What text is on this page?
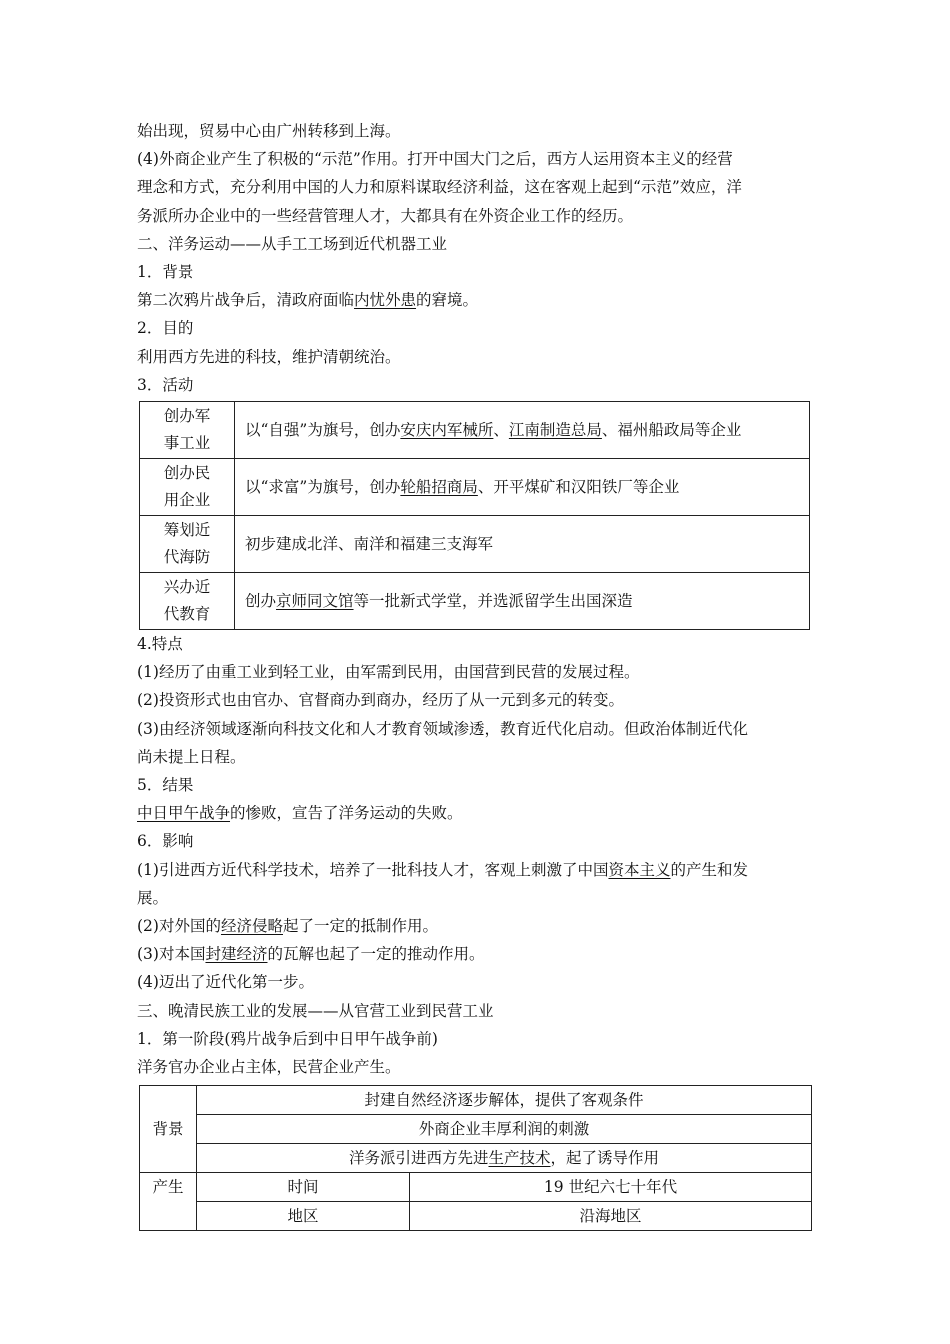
始出现，贸易中心由广州转移到上海。

(4)外商企业产生了积极的“示范”作用。打开中国大门之后，西方人运用资本主义的经营

理念和方式，充分利用中国的人力和原料谋取经济利益，这在客观上起到“示范”效应，洋

务派所办企业中的一些经营管理人才，大都具有在外资企业工作的经历。

二、洋务运动——从手工工场到近代机器工业

1．背景

第二次鸦片战争后，清政府面临内忧外患的窘境。

2．目的

利用西方先进的科技，维护清朝统治。

3．活动

创办军
事工业	以“自强”为旗号，创办安庆内军械所、江南制造总局、福州船政局等企业
创办民
用企业	以“求富”为旗号，创办轮船招商局、开平煤矿和汉阳铁厂等企业
筹划近
代海防	初步建成北洋、南洋和福建三支海军
兴办近
代教育	创办京师同文馆等一批新式学堂，并选派留学生出国深造

4.特点

(1)经历了由重工业到轻工业，由军需到民用，由国营到民营的发展过程。

(2)投资形式也由官办、官督商办到商办，经历了从一元到多元的转变。

(3)由经济领域逐渐向科技文化和人才教育领域渗透，教育近代化启动。但政治体制近代化

尚未提上日程。

5．结果

中日甲午战争的惨败，宣告了洋务运动的失败。

6．影响

(1)引进西方近代科学技术，培养了一批科技人才，客观上刺激了中国资本主义的产生和发

展。

(2)对外国的经济侵略起了一定的抵制作用。

(3)对本国封建经济的瓦解也起了一定的推动作用。

(4)迈出了近代化第一步。

三、晚清民族工业的发展——从官营工业到民营工业

1．第一阶段(鸦片战争后到中日甲午战争前)

洋务官办企业占主体，民营企业产生。

背景	封建自然经济逐步解体，提供了客观条件	
	外商企业丰厚利润的刺激	
	洋务派引进西方先进生产技术，起了诱导作用	
产生	时间	19 世纪六七十年代
	地区	沿海地区
